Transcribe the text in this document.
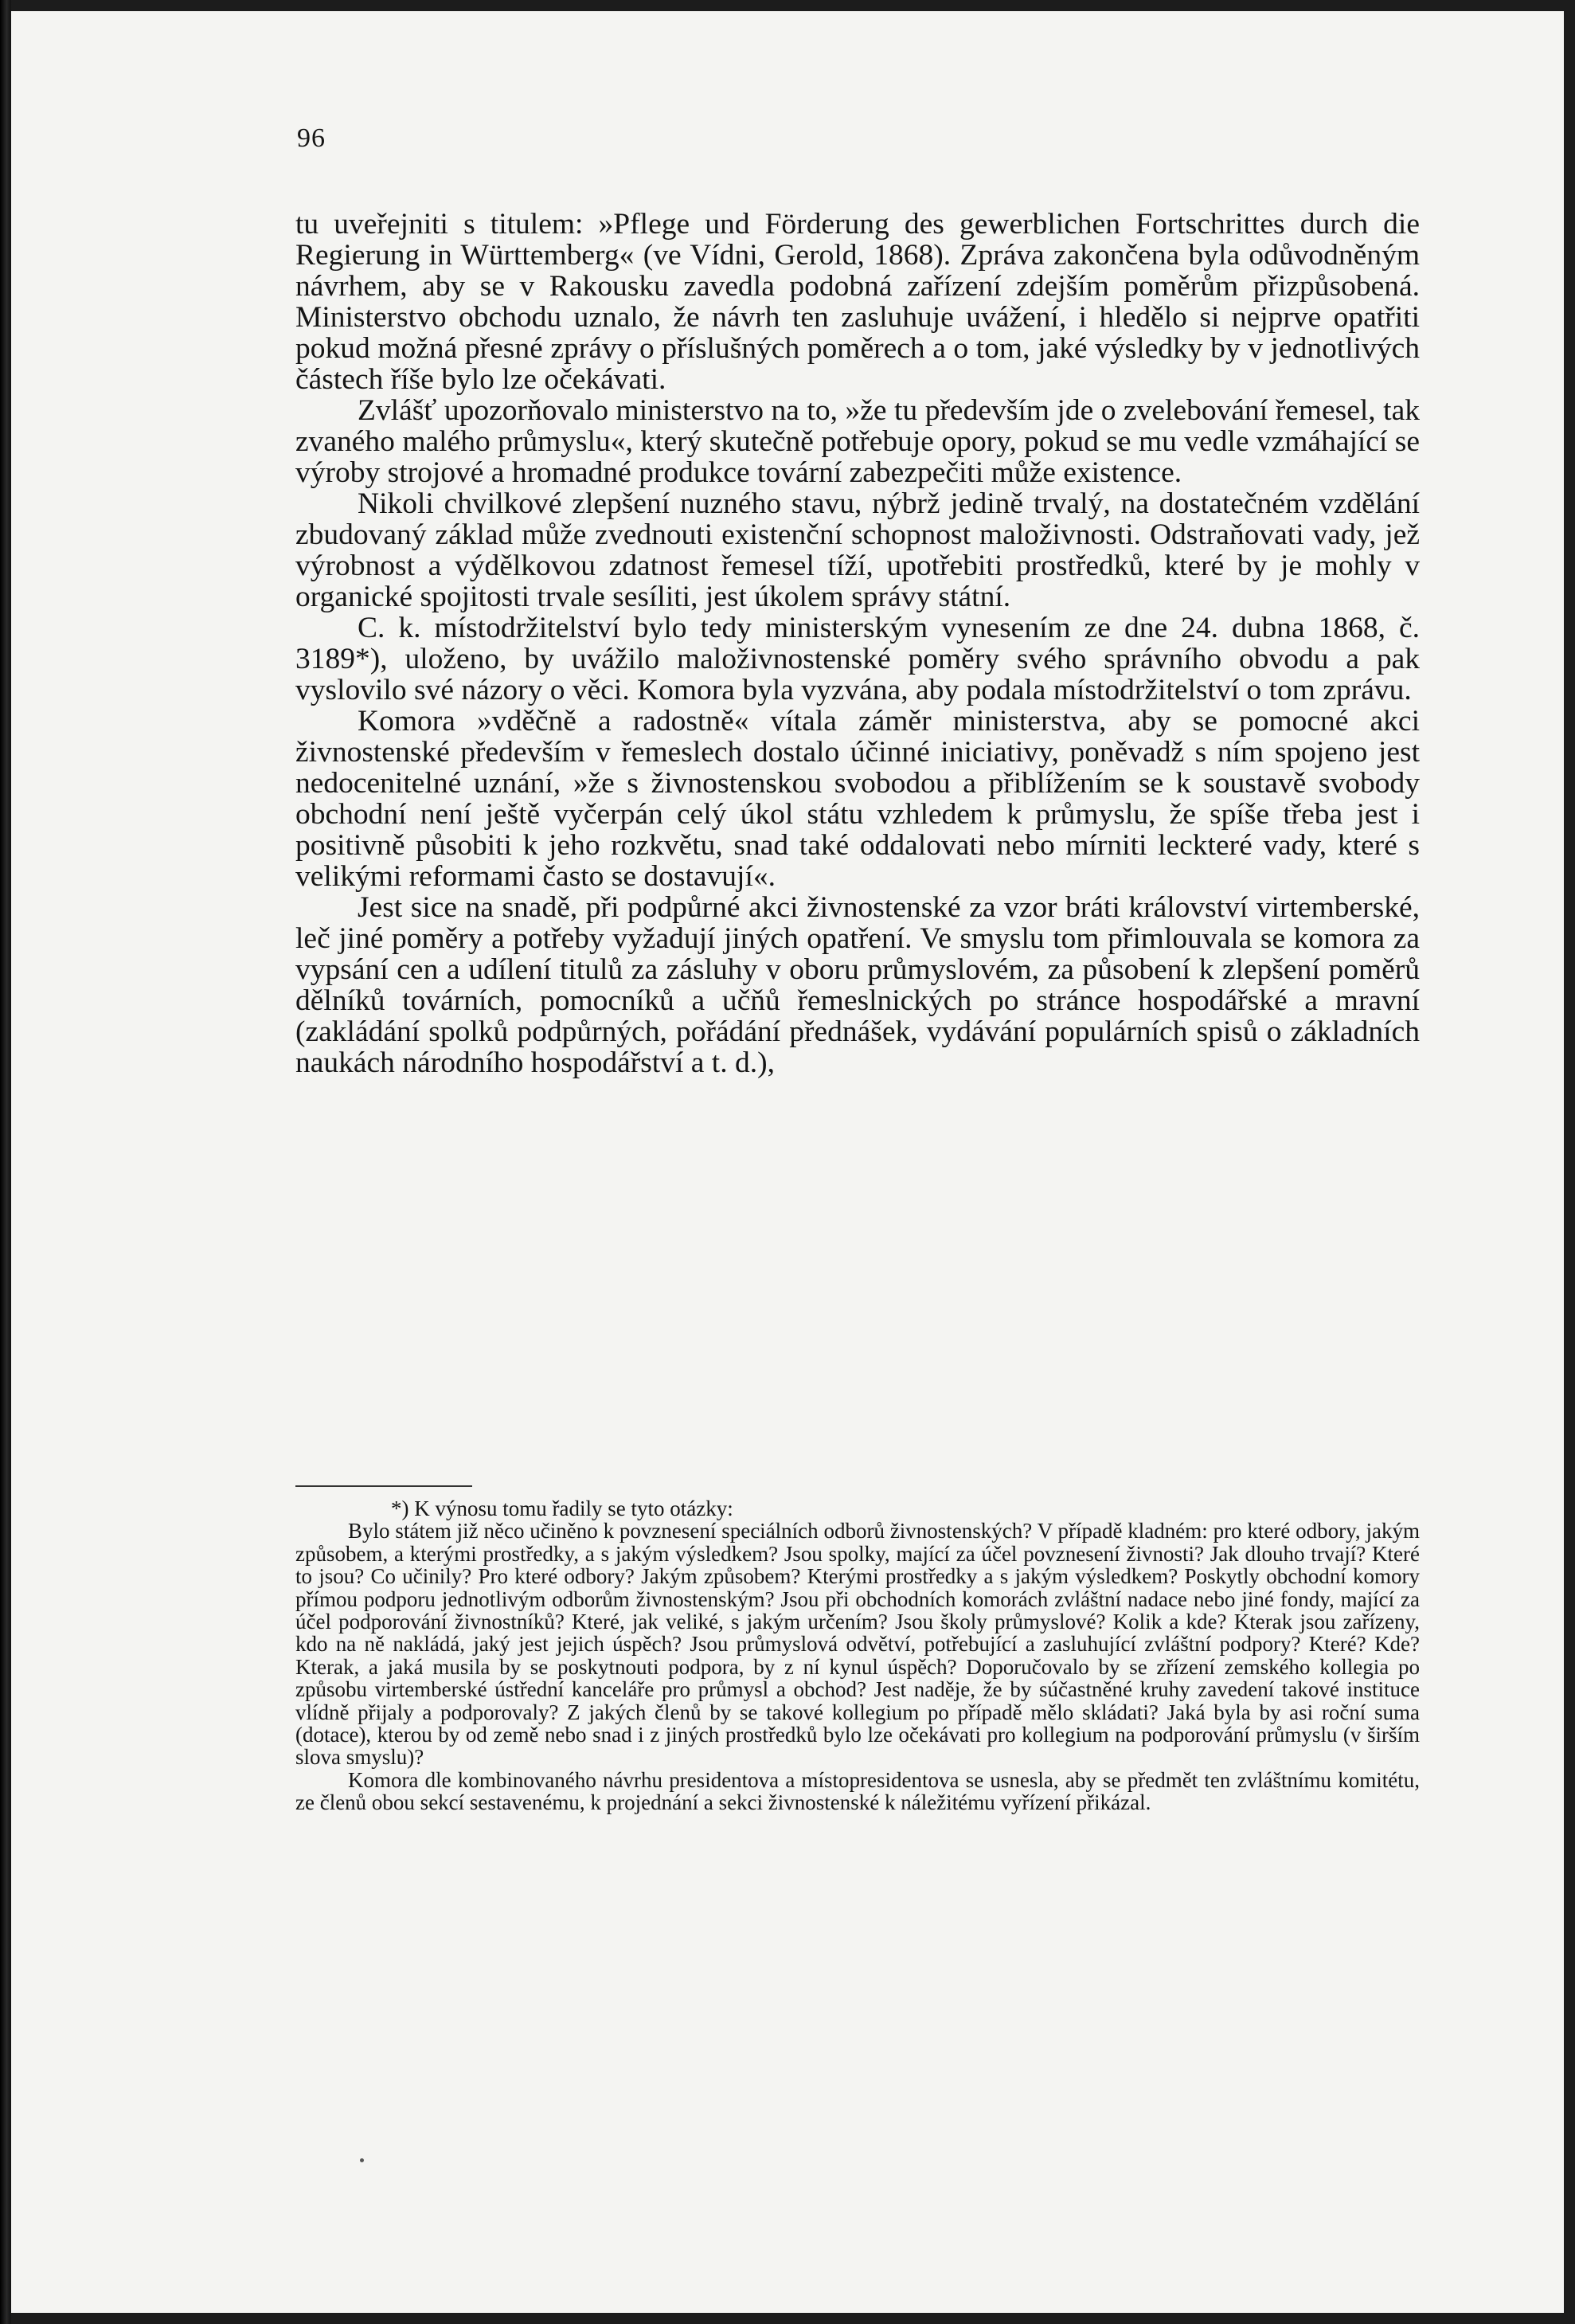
96

tu uveřejniti s titulem: »Pflege und Förderung des gewerblichen Fortschrittes durch die Regierung in Württemberg« (ve Vídni, Gerold, 1868). Zpráva zakončena byla odůvodněným návrhem, aby se v Rakousku zavedla podobná zařízení zdejším poměrům přizpůsobená. Ministerstvo obchodu uznalo, že návrh ten zasluhuje uvážení, i hledělo si nejprve opatřiti pokud možná přesné zprávy o příslušných poměrech a o tom, jaké výsledky by v jednotlivých částech říše bylo lze očekávati.

Zvlášť upozorňovalo ministerstvo na to, »že tu především jde o zvelebování řemesel, tak zvaného malého průmyslu«, který skutečně potřebuje opory, pokud se mu vedle vzmáhající se výroby strojové a hromadné produkce tovární zabezpečiti může existence.

Nikoli chvilkové zlepšení nuzného stavu, nýbrž jedině trvalý, na dostatečném vzdělání zbudovaný základ může zvednouti existenční schopnost maloživnosti. Odstraňovati vady, jež výrobnost a výdělkovou zdatnost řemesel tíží, upotřebiti prostředků, které by je mohly v organické spojitosti trvale sesíliti, jest úkolem správy státní.

C. k. místodržitelství bylo tedy ministerským vynesením ze dne 24. dubna 1868, č. 3189*), uloženo, by uvážilo maloživnostenské poměry svého správního obvodu a pak vyslovilo své názory o věci. Komora byla vyzvána, aby podala místodržitelství o tom zprávu.

Komora »vděčně a radostně« vítala záměr ministerstva, aby se pomocné akci živnostenské především v řemeslech dostalo účinné iniciativy, poněvadž s ním spojeno jest nedocenitelné uznání, »že s živnostenskou svobodou a přiblížením se k soustavě svobody obchodní není ještě vyčerpán celý úkol státu vzhledem k průmyslu, že spíše třeba jest i positivně působiti k jeho rozkvětu, snad také oddalovati nebo mírniti leckteré vady, které s velikými reformami často se dostavují«.

Jest sice na snadě, při podpůrné akci živnostenské za vzor bráti království virtemberské, leč jiné poměry a potřeby vyžadují jiných opatření. Ve smyslu tom přimlouvala se komora za vypsání cen a udílení titulů za zásluhy v oboru průmyslovém, za působení k zlepšení poměrů dělníků továrních, pomocníků a učňů řemeslnických po stránce hospodářské a mravní (zakládání spolků podpůrných, pořádání přednášek, vydávání populárních spisů o základních naukách národního hospodářství a t. d.),

*) K výnosu tomu řadily se tyto otázky:

Bylo státem již něco učiněno k povznesení speciálních odborů živnostenských? V případě kladném: pro které odbory, jakým způsobem, a kterými prostředky, a s jakým výsledkem? Jsou spolky, mající za účel povznesení živnosti? Jak dlouho trvají? Které to jsou? Co učinily? Pro které odbory? Jakým způsobem? Kterými prostředky a s jakým výsledkem? Poskytly obchodní komory přímou podporu jednotlivým odborům živnostenským? Jsou při obchodních komorách zvláštní nadace nebo jiné fondy, mající za účel podporování živnostníků? Které, jak veliké, s jakým určením? Jsou školy průmyslové? Kolik a kde? Kterak jsou zařízeny, kdo na ně nakládá, jaký jest jejich úspěch? Jsou průmyslová odvětví, potřebující a zasluhující zvláštní podpory? Které? Kde? Kterak, a jaká musila by se poskytnouti podpora, by z ní kynul úspěch? Doporučovalo by se zřízení zemského kollegia po způsobu virtemberské ústřední kanceláře pro průmysl a obchod? Jest naděje, že by súčastněné kruhy zavedení takové instituce vlídně přijaly a podporovaly? Z jakých členů by se takové kollegium po případě mělo skládati? Jaká byla by asi roční suma (dotace), kterou by od země nebo snad i z jiných prostředků bylo lze očekávati pro kollegium na podporování průmyslu (v širším slova smyslu)?

Komora dle kombinovaného návrhu presidentova a místopresidentova se usnesla, aby se předmět ten zvláštnímu komitétu, ze členů obou sekcí sestavenému, k projednání a sekci živnostenské k náležitému vyřízení přikázal.
